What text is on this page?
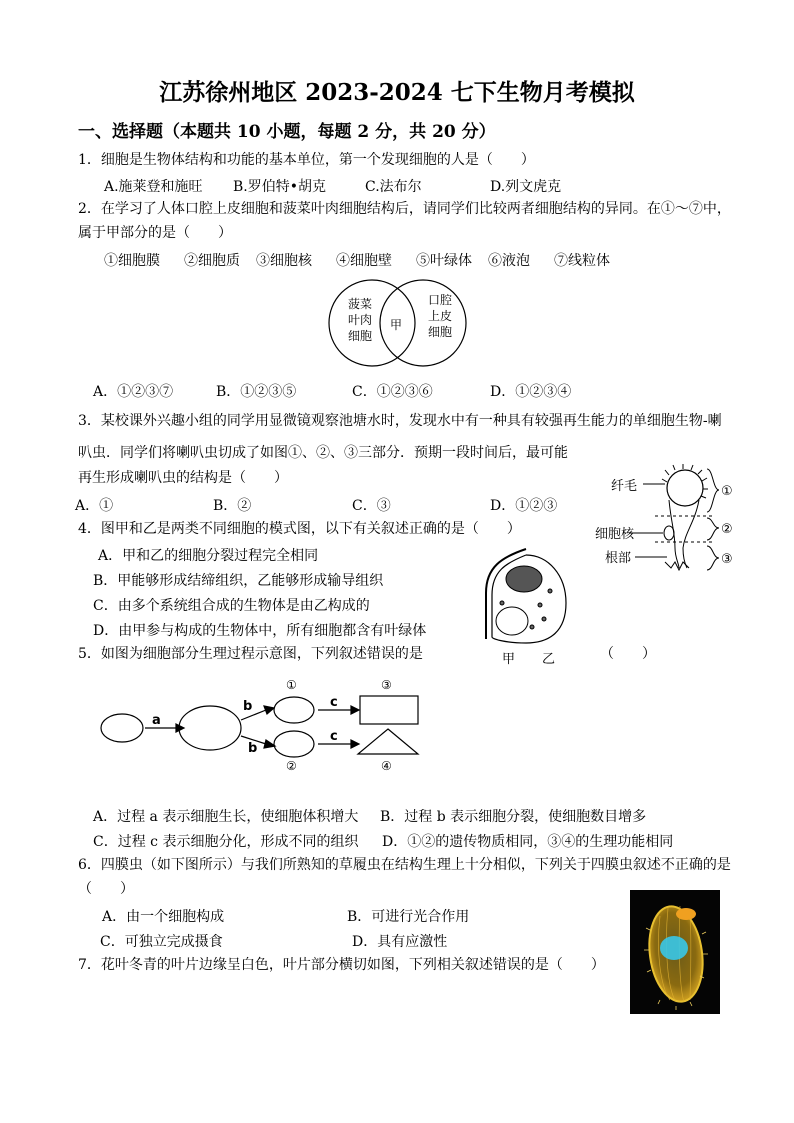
江苏徐州地区 2023-2024 七下生物月考模拟
一、选择题（本题共 10 小题，每题 2 分，共 20 分）
1．细胞是生物体结构和功能的基本单位，第一个发现细胞的人是（　　）
A.施莱登和施旺 B.罗伯特•胡克	C.法布尔	D.列文虎克
2．在学习了人体口腔上皮细胞和菠菜叶肉细胞结构后，请同学们比较两者细胞结构的异同。在①～⑦中，
属于甲部分的是（　　）
①细胞膜 ②细胞质 ③细胞核 ④细胞壁 ⑤叶绿体 ⑥液泡 ⑦线粒体
菠菜
叶肉
细胞
甲
口腔
上皮
细胞
A．①②③⑦	B．①②③⑤	C．①②③⑥	D．①②③④
3．某校课外兴趣小组的同学用显微镜观察池塘水时，发现水中有一种具有较强再生能力的单细胞生物-喇
叭虫．同学们将喇叭虫切成了如图①、②、③三部分．预期一段时间后，最可能
再生形成喇叭虫的结构是（　　）
A．①	B．②	C．③	D．①②③
纤毛
细胞核
根部
①
②
③
4．图甲和乙是两类不同细胞的模式图，以下有关叙述正确的是（　　）
A．甲和乙的细胞分裂过程完全相同
B．甲能够形成结缔组织，乙能够形成输导组织
C．由多个系统组合成的生物体是由乙构成的
D．由甲参与构成的生物体中，所有细胞都含有叶绿体
甲 乙
5．如图为细胞部分生理过程示意图，下列叙述错误的是	（　　）
a
b
b
c
c
①
②
③
④
A．过程 a 表示细胞生长，使细胞体积增大 B．过程 b 表示细胞分裂，使细胞数目增多
C．过程 c 表示细胞分化，形成不同的组织 D．①②的遗传物质相同，③④的生理功能相同
6．四膜虫（如下图所示）与我们所熟知的草履虫在结构生理上十分相似，下列关于四膜虫叙述不正确的是
（　　）
A．由一个细胞构成	B．可进行光合作用
C．可独立完成摄食	D．具有应激性
7．花叶冬青的叶片边缘呈白色，叶片部分横切如图，下列相关叙述错误的是（　　）
